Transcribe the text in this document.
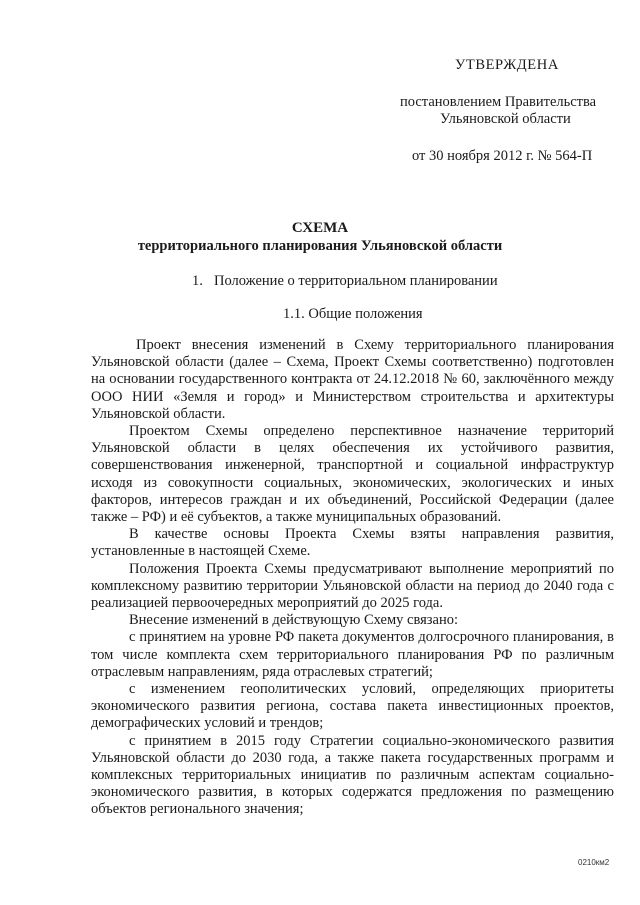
УТВЕРЖДЕНА
постановлением Правительства
Ульяновской области
от 30 ноября 2012 г. № 564-П
СХЕМА
территориального планирования Ульяновской области
1. Положение о территориальном планировании
1.1. Общие положения

Проект внесения изменений в Схему территориального планирования Ульяновской области (далее – Схема, Проект Схемы соответственно) подготовлен на основании государственного контракта от 24.12.2018 № 60, заключённого между ООО НИИ «Земля и город» и Министерством строительства и архитектуры Ульяновской области.

Проектом Схемы определено перспективное назначение территорий Ульяновской области в целях обеспечения их устойчивого развития, совершенствования инженерной, транспортной и социальной инфраструктур исходя из совокупности социальных, экономических, экологических и иных факторов, интересов граждан и их объединений, Российской Федерации (далее также – РФ) и её субъектов, а также муниципальных образований.

В качестве основы Проекта Схемы взяты направления развития, установленные в настоящей Схеме.

Положения Проекта Схемы предусматривают выполнение мероприятий по комплексному развитию территории Ульяновской области на период до 2040 года с реализацией первоочередных мероприятий до 2025 года.

Внесение изменений в действующую Схему связано:

с принятием на уровне РФ пакета документов долгосрочного планирования, в том числе комплекта схем территориального планирования РФ по различным отраслевым направлениям, ряда отраслевых стратегий;

с изменением геополитических условий, определяющих приоритеты экономического развития региона, состава пакета инвестиционных проектов, демографических условий и трендов;

с принятием в 2015 году Стратегии социально-экономического развития Ульяновской области до 2030 года, а также пакета государственных программ и комплексных территориальных инициатив по различным аспектам социально-экономического развития, в которых содержатся предложения по размещению объектов регионального значения;

0210км2
